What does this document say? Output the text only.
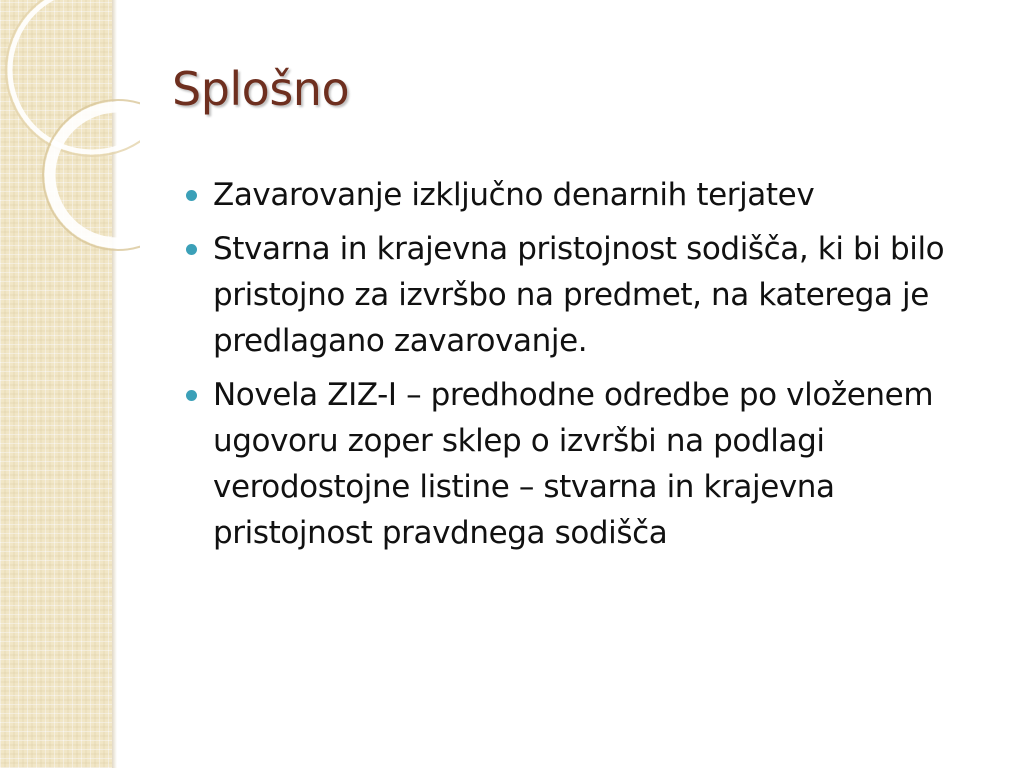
Splošno
Zavarovanje izključno denarnih terjatev
Stvarna in krajevna pristojnost sodišča, ki bi bilo pristojno za izvršbo na predmet, na katerega je predlagano zavarovanje.
Novela ZIZ-I – predhodne odredbe po vloženem ugovoru zoper sklep o izvršbi na podlagi verodostojne listine – stvarna in krajevna pristojnost pravdnega sodišča
